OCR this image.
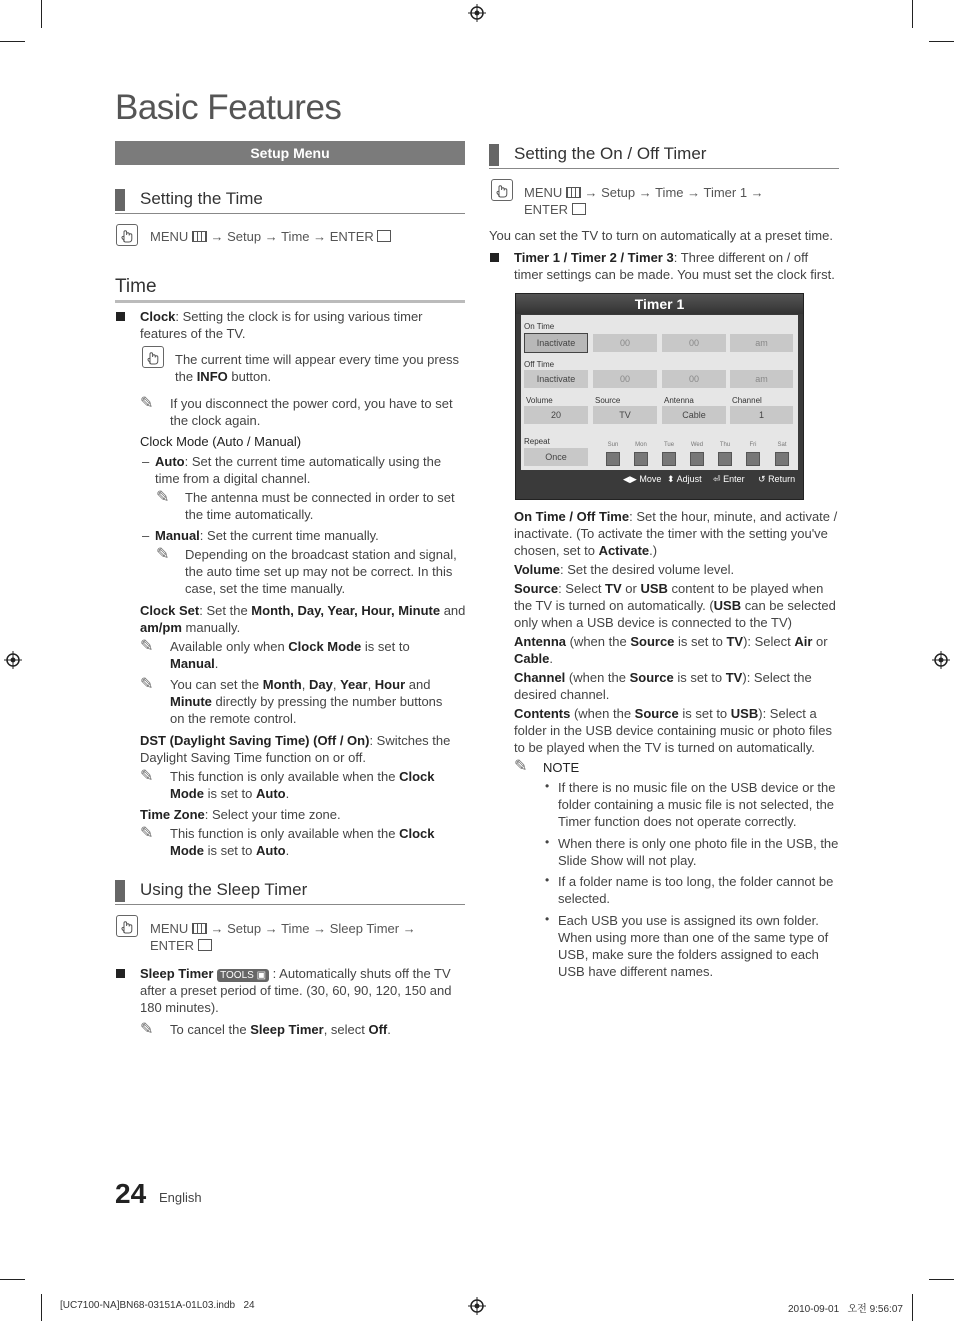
Basic Features
Setup Menu
Setting the Time
MENU  → Setup → Time → ENTER
Time
Clock: Setting the clock is for using various timer features of the TV.
The current time will appear every time you press the INFO button.
✎ If you disconnect the power cord, you have to set the clock again.
Clock Mode (Auto / Manual)
– Auto: Set the current time automatically using the time from a digital channel.
✎ The antenna must be connected in order to set the time automatically.
– Manual: Set the current time manually.
✎ Depending on the broadcast station and signal, the auto time set up may not be correct. In this case, set the time manually.
Clock Set: Set the Month, Day, Year, Hour, Minute and am/pm manually.
✎ Available only when Clock Mode is set to Manual.
✎ You can set the Month, Day, Year, Hour and
Minute directly by pressing the number buttons on the remote control.
DST (Daylight Saving Time) (Off / On): Switches the Daylight Saving Time function on or off.
✎ This function is only available when the Clock Mode is set to Auto.
Time Zone: Select your time zone.
✎ This function is only available when the Clock Mode is set to Auto.
Using the Sleep Timer
MENU  → Setup → Time → Sleep Timer →
ENTER
Sleep Timer TOOLS ▣ : Automatically shuts off the TV after a preset period of time. (30, 60, 90, 120, 150 and 180 minutes).
✎ To cancel the Sleep Timer, select Off.
24 English
[UC7100-NA]BN68-03151A-01L03.indb   24	2010-09-01   오전 9:56:07
Setting the On / Off Timer
MENU  → Setup → Time → Timer 1 →
ENTER
You can set the TV to turn on automatically at a preset time.
Timer 1 / Timer 2 / Timer 3: Three different on / off timer settings can be made. You must set the clock first.
Timer 1
On Time
Inactivate	00	00	am
Off Time
Inactivate	00	00	am
Volume	Source	Antenna	Channel
20	TV	Cable	1
Repeat
Once
Sun	Mon	Tue	Wed	Thu	Fri	Sat
◀▶ Move ⬍ Adjust ⏎ Enter ↺ Return
On Time / Off Time: Set the hour, minute, and activate / inactivate. (To activate the timer with the setting you've chosen, set to Activate.)
Volume: Set the desired volume level.
Source: Select TV or USB content to be played when the TV is turned on automatically. (USB can be selected only when a USB device is connected to the TV)
Antenna (when the Source is set to TV): Select Air or Cable.
Channel (when the Source is set to TV): Select the desired channel.
Contents (when the Source is set to USB): Select a folder in the USB device containing music or photo files to be played when the TV is turned on automatically.
✎ NOTE
• If there is no music file on the USB device or the folder containing a music file is not selected, the Timer function does not operate correctly.
• When there is only one photo file in the USB, the Slide Show will not play.
• If a folder name is too long, the folder cannot be selected.
• Each USB you use is assigned its own folder. When using more than one of the same type of USB, make sure the folders assigned to each USB have different names.
